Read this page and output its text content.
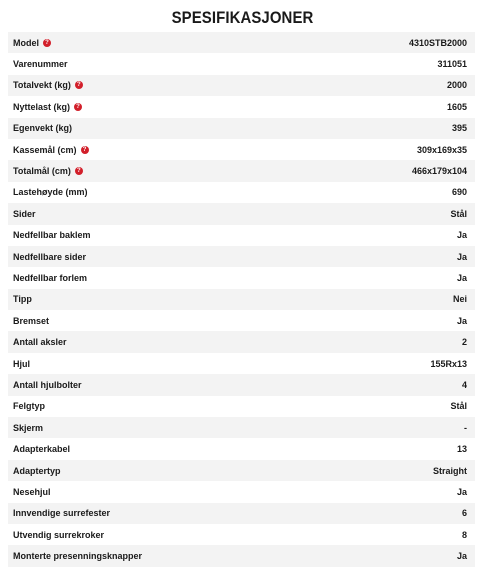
SPESIFIKASJONER
Model	?	4310STB2000
Varenummer	311051
Totalvekt (kg)	?	2000
Nyttelast (kg)	?	1605
Egenvekt (kg)	395
Kassemål (cm)	?	309x169x35
Totalmål (cm)	?	466x179x104
Lastehøyde (mm)	690
Sider	Stål
Nedfellbar baklem	Ja
Nedfellbare sider	Ja
Nedfellbar forlem	Ja
Tipp	Nei
Bremset	Ja
Antall aksler	2
Hjul	155Rx13
Antall hjulbolter	4
Felgtyp	Stål
Skjerm	-
Adapterkabel	13
Adaptertyp	Straight
Nesehjul	Ja
Innvendige surrefester	6
Utvendig surrekroker	8
Monterte presenningsknapper	Ja
